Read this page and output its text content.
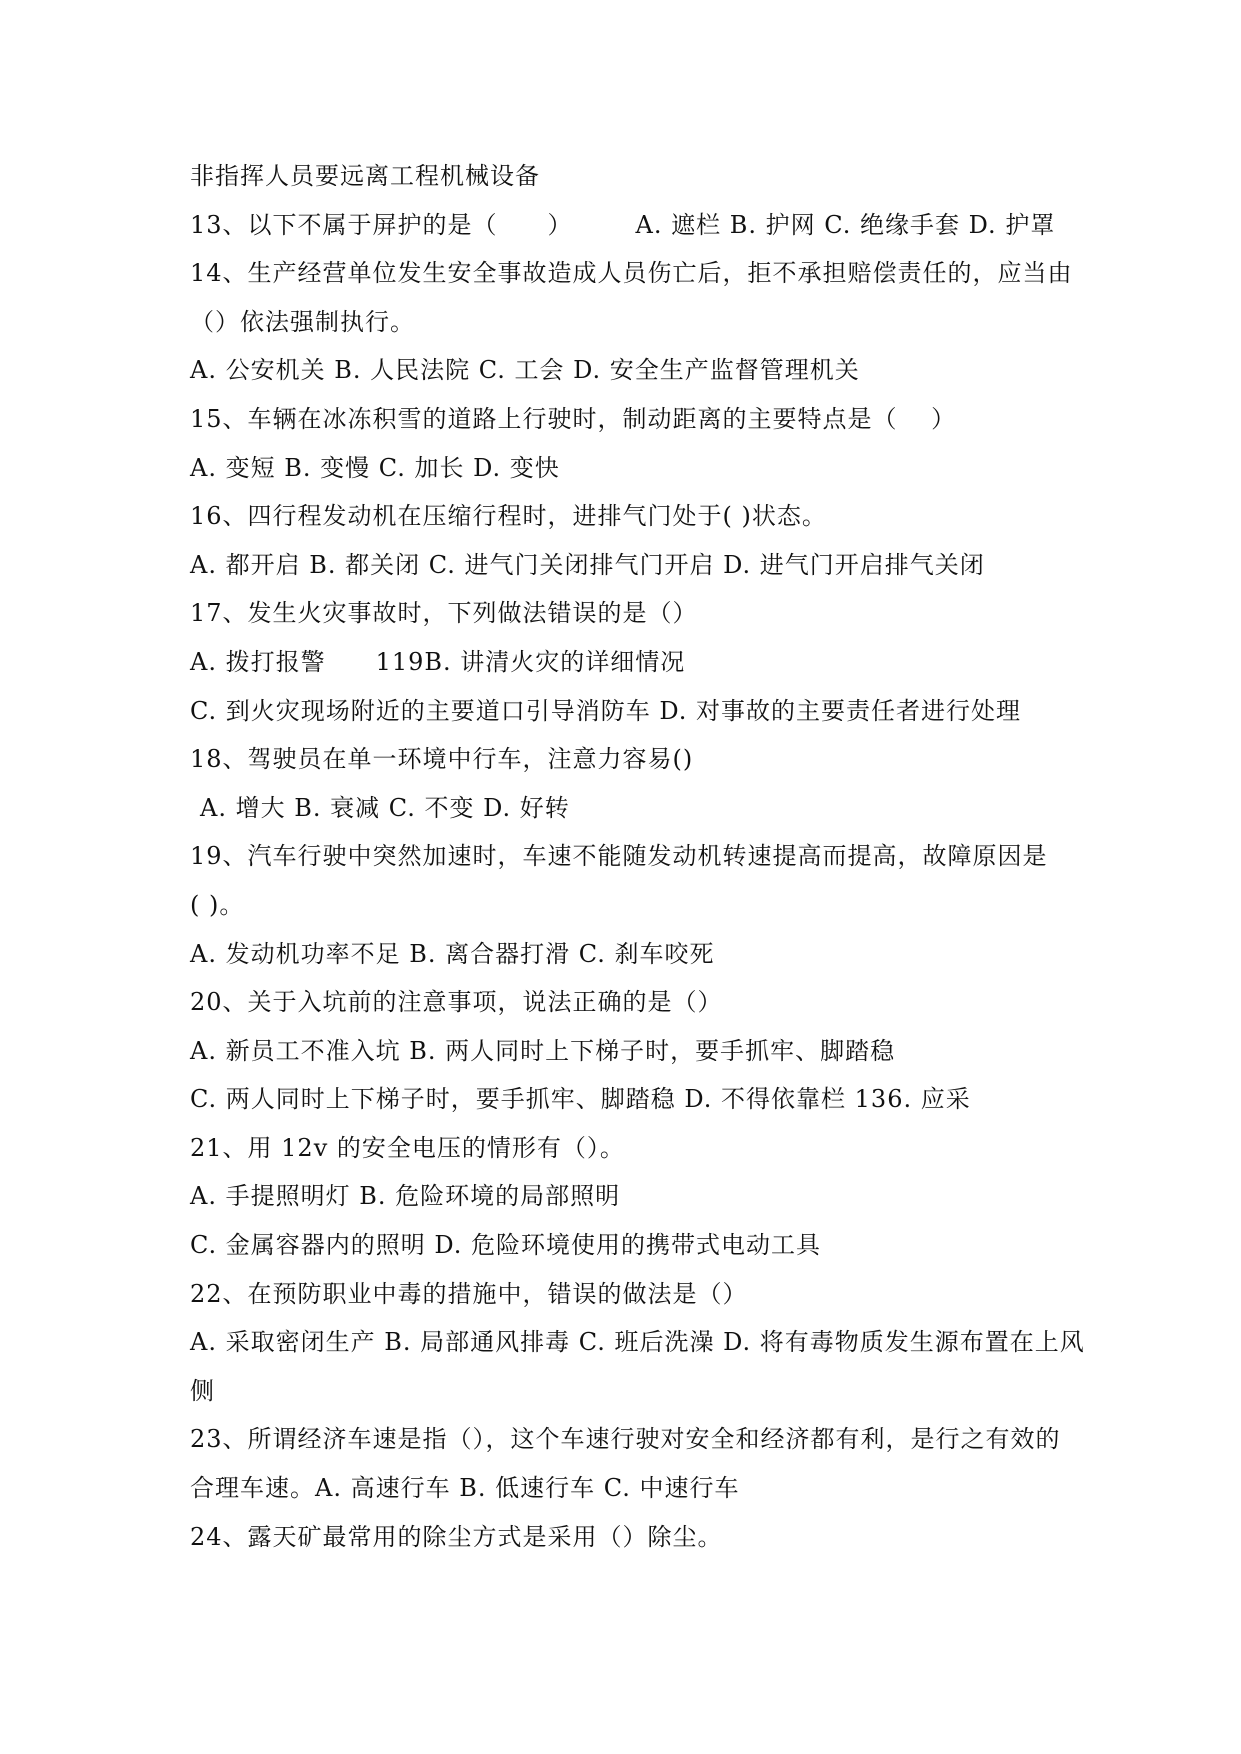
非指挥人员要远离工程机械设备
13、以下不属于屏护的是（　　）　　　A. 遮栏 B. 护网 C. 绝缘手套 D. 护罩
14、生产经营单位发生安全事故造成人员伤亡后，拒不承担赔偿责任的，应当由
（）依法强制执行。
A. 公安机关 B. 人民法院 C. 工会 D. 安全生产监督管理机关
15、车辆在冰冻积雪的道路上行驶时，制动距离的主要特点是（　 ）
A. 变短 B. 变慢 C. 加长 D. 变快
16、四行程发动机在压缩行程时，进排气门处于( )状态。
A. 都开启 B. 都关闭 C. 进气门关闭排气门开启 D. 进气门开启排气关闭
17、发生火灾事故时，下列做法错误的是（）
A. 拨打报警　　119B. 讲清火灾的详细情况
C. 到火灾现场附近的主要道口引导消防车 D. 对事故的主要责任者进行处理
18、驾驶员在单一环境中行车，注意力容易()
A. 增大 B. 衰减 C. 不变 D. 好转
19、汽车行驶中突然加速时，车速不能随发动机转速提高而提高，故障原因是
( )。
A. 发动机功率不足 B. 离合器打滑 C. 刹车咬死
20、关于入坑前的注意事项，说法正确的是（）
A. 新员工不准入坑 B. 两人同时上下梯子时，要手抓牢、脚踏稳
C. 两人同时上下梯子时，要手抓牢、脚踏稳 D. 不得依靠栏 136. 应采
21、用 12v 的安全电压的情形有（）。
A. 手提照明灯 B. 危险环境的局部照明
C. 金属容器内的照明 D. 危险环境使用的携带式电动工具
22、在预防职业中毒的措施中，错误的做法是（）
A. 采取密闭生产 B. 局部通风排毒 C. 班后洗澡 D. 将有毒物质发生源布置在上风
侧
23、所谓经济车速是指（），这个车速行驶对安全和经济都有利，是行之有效的
合理车速。A. 高速行车 B. 低速行车 C. 中速行车
24、露天矿最常用的除尘方式是采用（）除尘。
